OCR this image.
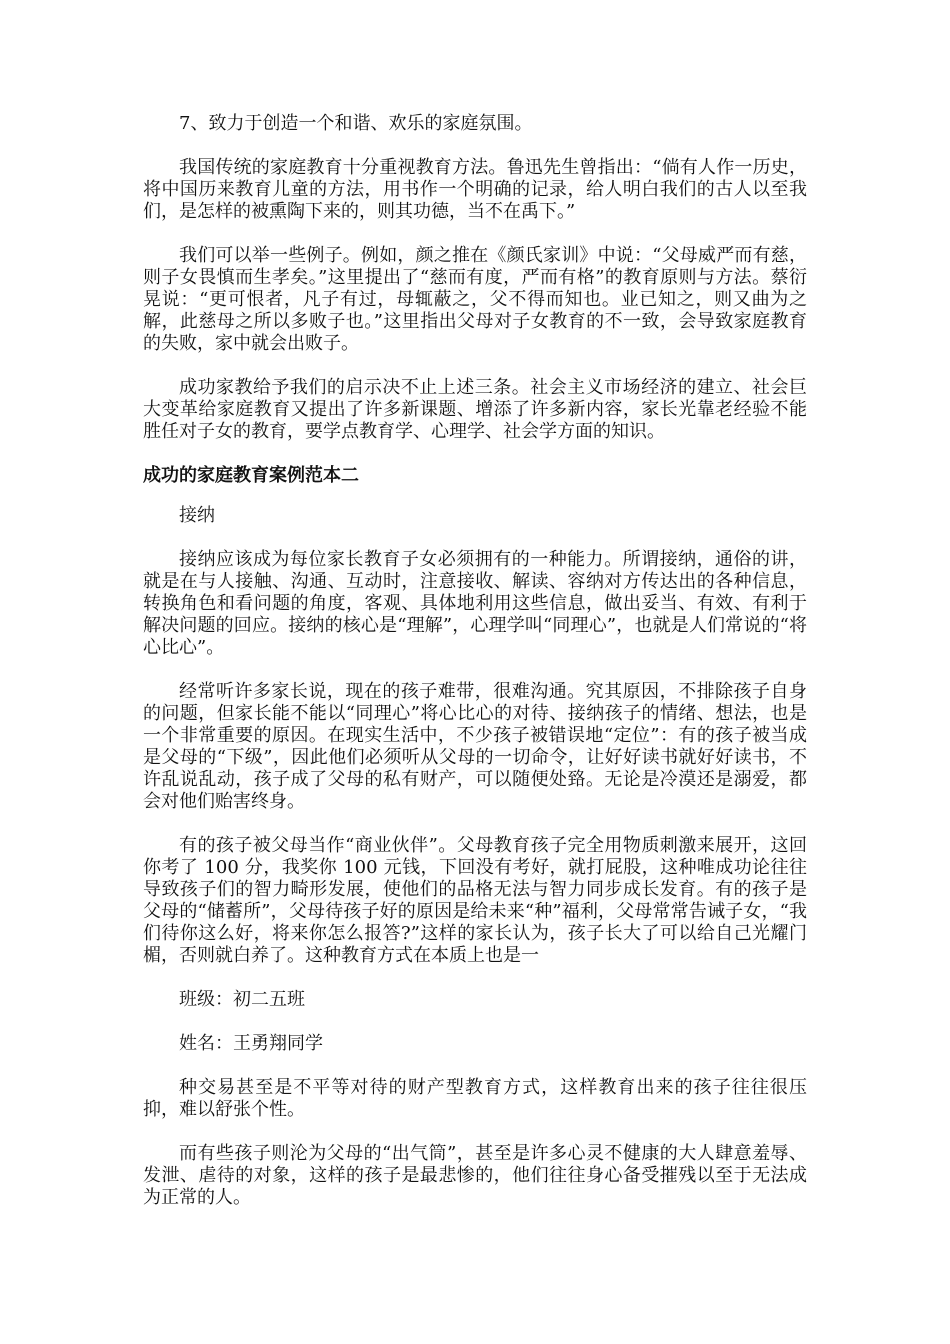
7、致力于创造一个和谐、欢乐的家庭氛围。

我国传统的家庭教育十分重视教育方法。鲁迅先生曾指出：“倘有人作一历史，将中国历来教育儿童的方法，用书作一个明确的记录，给人明白我们的古人以至我们，是怎样的被熏陶下来的，则其功德，当不在禹下。”

我们可以举一些例子。例如，颜之推在《颜氏家训》中说：“父母威严而有慈，则子女畏慎而生孝矣。”这里提出了“慈而有度，严而有格”的教育原则与方法。蔡衍晃说：“更可恨者，凡子有过，母辄蔽之，父不得而知也。业已知之，则又曲为之解，此慈母之所以多败子也。”这里指出父母对子女教育的不一致，会导致家庭教育的失败，家中就会出败子。

成功家教给予我们的启示决不止上述三条。社会主义市场经济的建立、社会巨大变革给家庭教育又提出了许多新课题、增添了许多新内容，家长光靠老经验不能胜任对子女的教育，要学点教育学、心理学、社会学方面的知识。

成功的家庭教育案例范本二

接纳

接纳应该成为每位家长教育子女必须拥有的一种能力。所谓接纳，通俗的讲，就是在与人接触、沟通、互动时，注意接收、解读、容纳对方传达出的各种信息，转换角色和看问题的角度，客观、具体地利用这些信息，做出妥当、有效、有利于解决问题的回应。接纳的核心是“理解”，心理学叫“同理心”，也就是人们常说的“将心比心”。

经常听许多家长说，现在的孩子难带，很难沟通。究其原因，不排除孩子自身的问题，但家长能不能以“同理心”将心比心的对待、接纳孩子的情绪、想法，也是一个非常重要的原因。在现实生活中，不少孩子被错误地“定位”：有的孩子被当成是父母的“下级”，因此他们必须听从父母的一切命令，让好好读书就好好读书，不许乱说乱动，孩子成了父母的私有财产，可以随便处臵。无论是冷漠还是溺爱，都会对他们贻害终身。

有的孩子被父母当作“商业伙伴”。父母教育孩子完全用物质刺激来展开，这回你考了 100 分，我奖你 100 元钱，下回没有考好，就打屁股，这种唯成功论往往导致孩子们的智力畸形发展，使他们的品格无法与智力同步成长发育。有的孩子是父母的“储蓄所”，父母待孩子好的原因是给未来“种”福利，父母常常告诫子女，“我们待你这么好，将来你怎么报答?”这样的家长认为，孩子长大了可以给自己光耀门楣，否则就白养了。这种教育方式在本质上也是一

班级：初二五班

姓名：王勇翔同学

种交易甚至是不平等对待的财产型教育方式，这样教育出来的孩子往往很压抑，难以舒张个性。

而有些孩子则沦为父母的“出气筒”，甚至是许多心灵不健康的大人肆意羞辱、发泄、虐待的对象，这样的孩子是最悲惨的，他们往往身心备受摧残以至于无法成为正常的人。
